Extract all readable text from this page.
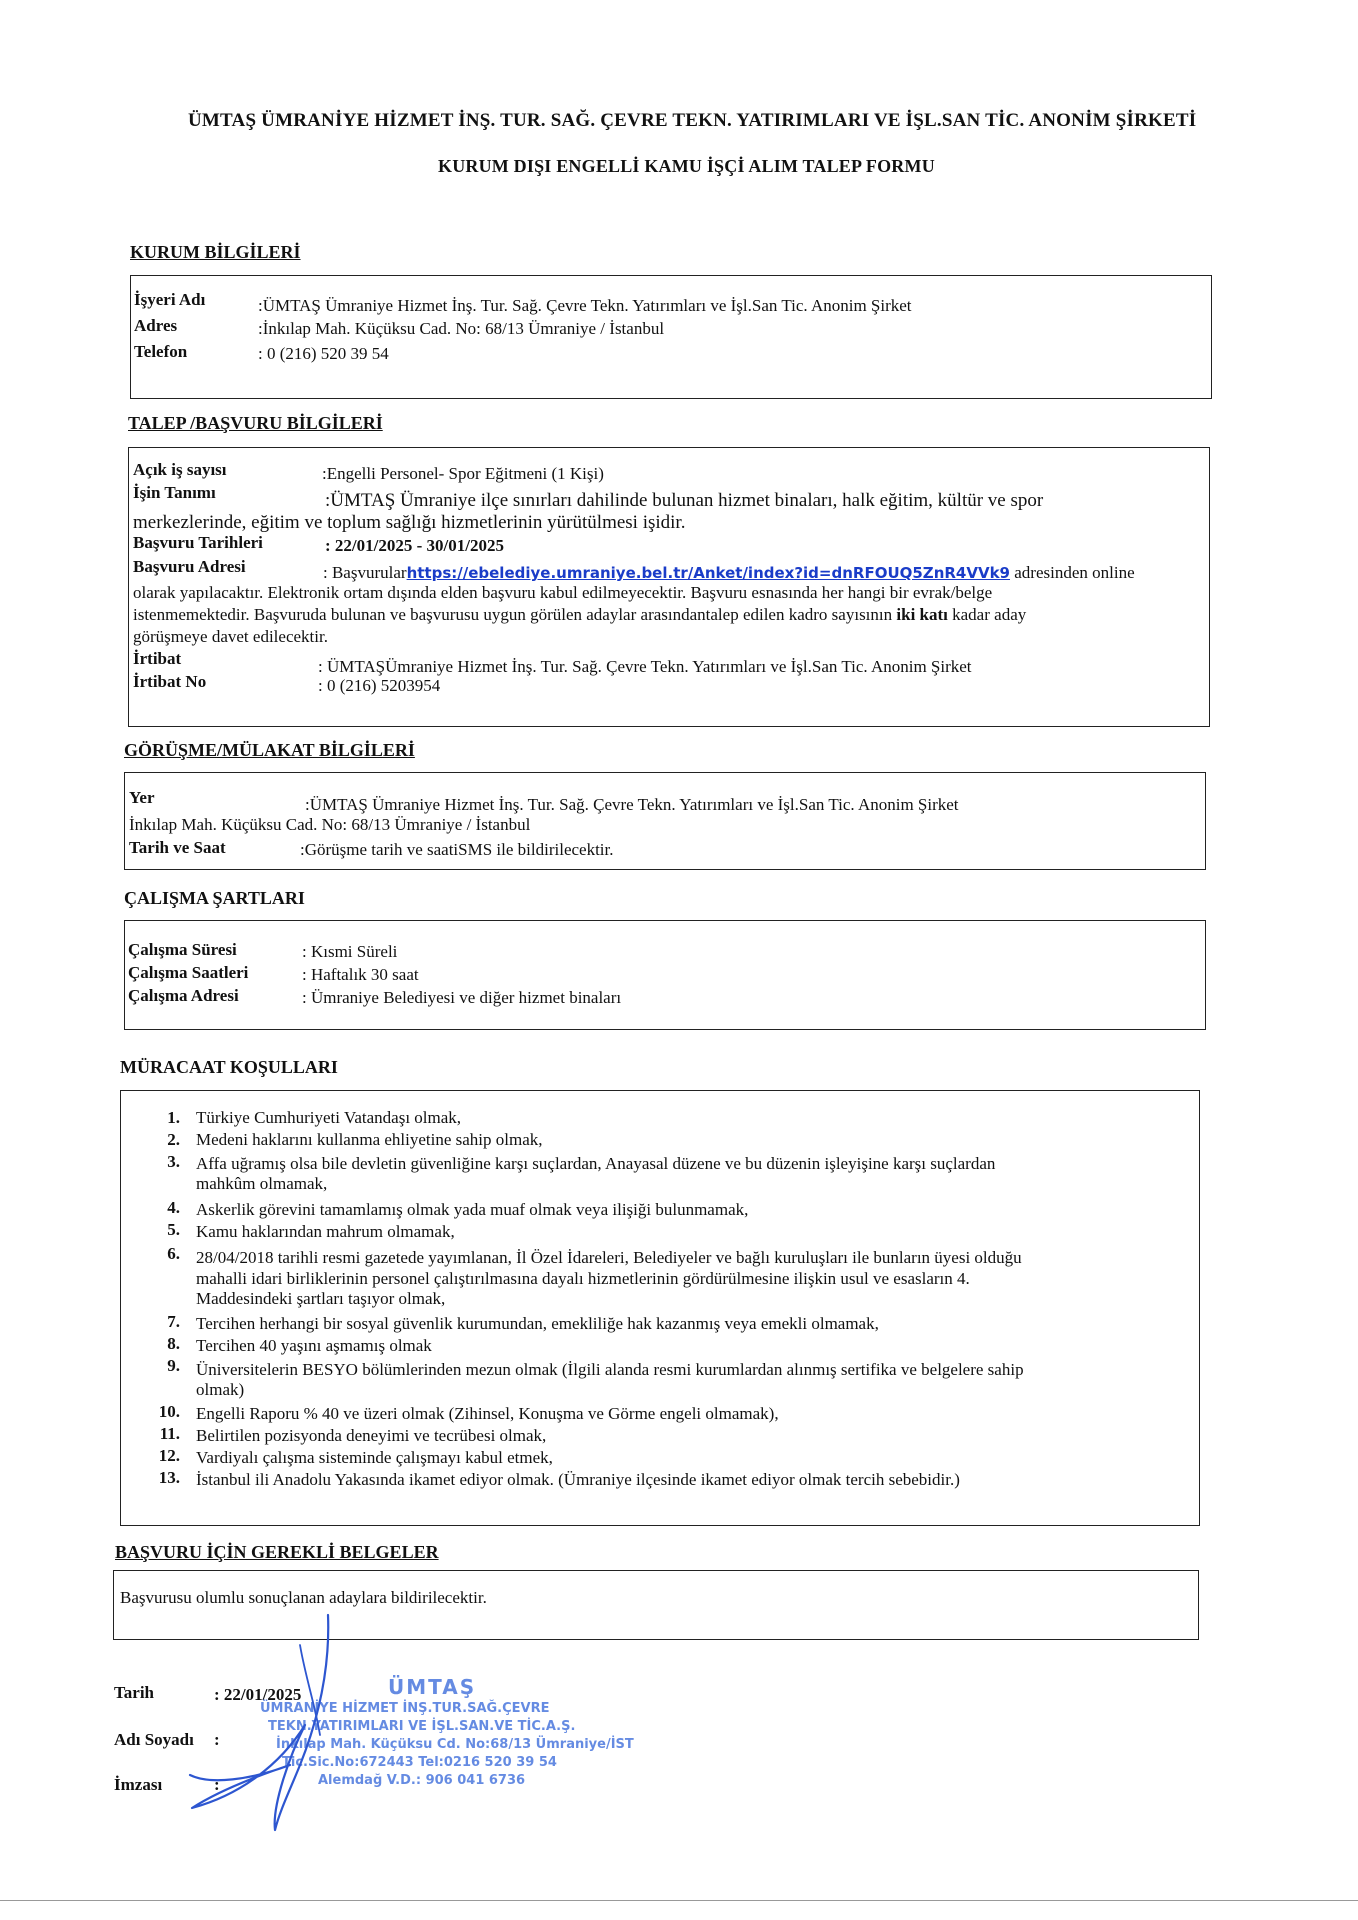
ÜMTAŞ ÜMRANİYE HİZMET İNŞ. TUR. SAĞ. ÇEVRE TEKN. YATIRIMLARI VE İŞL.SAN TİC. ANONİM ŞİRKETİ
KURUM DIŞI ENGELLİ KAMU İŞÇİ ALIM TALEP FORMU
KURUM BİLGİLERİ
İşyeri Adı	:ÜMTAŞ Ümraniye Hizmet İnş. Tur. Sağ. Çevre Tekn. Yatırımları ve İşl.San Tic. Anonim Şirket
Adres	:İnkılap Mah. Küçüksu Cad. No: 68/13 Ümraniye / İstanbul
Telefon	: 0 (216) 520 39 54
TALEP /BAŞVURU BİLGİLERİ
Açık iş sayısı	:Engelli Personel- Spor Eğitmeni (1 Kişi)
İşin Tanımı	:ÜMTAŞ Ümraniye ilçe sınırları dahilinde bulunan hizmet binaları, halk eğitim, kültür ve spor
merkezlerinde, eğitim ve toplum sağlığı hizmetlerinin yürütülmesi işidir.
Başvuru Tarihleri	: 22/01/2025 - 30/01/2025
Başvuru Adresi	: Başvurularhttps://ebelediye.umraniye.bel.tr/Anket/index?id=dnRFOUQ5ZnR4VVk9 adresinden online
olarak yapılacaktır. Elektronik ortam dışında elden başvuru kabul edilmeyecektir. Başvuru esnasında her hangi bir evrak/belge
istenmemektedir. Başvuruda bulunan ve başvurusu uygun görülen adaylar arasındantalep edilen kadro sayısının iki katı kadar aday
görüşmeye davet edilecektir.
İrtibat	: ÜMTAŞÜmraniye Hizmet İnş. Tur. Sağ. Çevre Tekn. Yatırımları ve İşl.San Tic. Anonim Şirket
İrtibat No	: 0 (216) 5203954
GÖRÜŞME/MÜLAKAT BİLGİLERİ
Yer	:ÜMTAŞ Ümraniye Hizmet İnş. Tur. Sağ. Çevre Tekn. Yatırımları ve İşl.San Tic. Anonim Şirket
İnkılap Mah. Küçüksu Cad. No: 68/13 Ümraniye / İstanbul
Tarih ve Saat	:Görüşme tarih ve saatiSMS ile bildirilecektir.
ÇALIŞMA ŞARTLARI
Çalışma Süresi	: Kısmi Süreli
Çalışma Saatleri	: Haftalık 30 saat
Çalışma Adresi	: Ümraniye Belediyesi ve diğer hizmet binaları
MÜRACAAT KOŞULLARI
1. Türkiye Cumhuriyeti Vatandaşı olmak,
2. Medeni haklarını kullanma ehliyetine sahip olmak,
3. Affa uğramış olsa bile devletin güvenliğine karşı suçlardan, Anayasal düzene ve bu düzenin işleyişine karşı suçlardan
mahkûm olmamak,
4. Askerlik görevini tamamlamış olmak yada muaf olmak veya ilişiği bulunmamak,
5. Kamu haklarından mahrum olmamak,
6. 28/04/2018 tarihli resmi gazetede yayımlanan, İl Özel İdareleri, Belediyeler ve bağlı kuruluşları ile bunların üyesi olduğu
mahalli idari birliklerinin personel çalıştırılmasına dayalı hizmetlerinin gördürülmesine ilişkin usul ve esasların 4.
Maddesindeki şartları taşıyor olmak,
7. Tercihen herhangi bir sosyal güvenlik kurumundan, emekliliğe hak kazanmış veya emekli olmamak,
8. Tercihen 40 yaşını aşmamış olmak
9. Üniversitelerin BESYO bölümlerinden mezun olmak (İlgili alanda resmi kurumlardan alınmış sertifika ve belgelere sahip
olmak)
10. Engelli Raporu % 40 ve üzeri olmak (Zihinsel, Konuşma ve Görme engeli olmamak),
11. Belirtilen pozisyonda deneyimi ve tecrübesi olmak,
12. Vardiyalı çalışma sisteminde çalışmayı kabul etmek,
13. İstanbul ili Anadolu Yakasında ikamet ediyor olmak. (Ümraniye ilçesinde ikamet ediyor olmak tercih sebebidir.)
BAŞVURU İÇİN GEREKLİ BELGELER
Başvurusu olumlu sonuçlanan adaylara bildirilecektir.
Tarih	: 22/01/2025
Adı Soyadı :
İmzası	:
ÜMTAŞ
ÜMRANİYE HİZMET İNŞ.TUR.SAĞ.ÇEVRE
TEKN.YATIRIMLARI VE İŞL.SAN.VE TİC.A.Ş.
İnkılap Mah. Küçüksu Cd. No:68/13 Ümraniye/İST
Tic.Sic.No:672443 Tel:0216 520 39 54
Alemdağ V.D.: 906 041 6736
